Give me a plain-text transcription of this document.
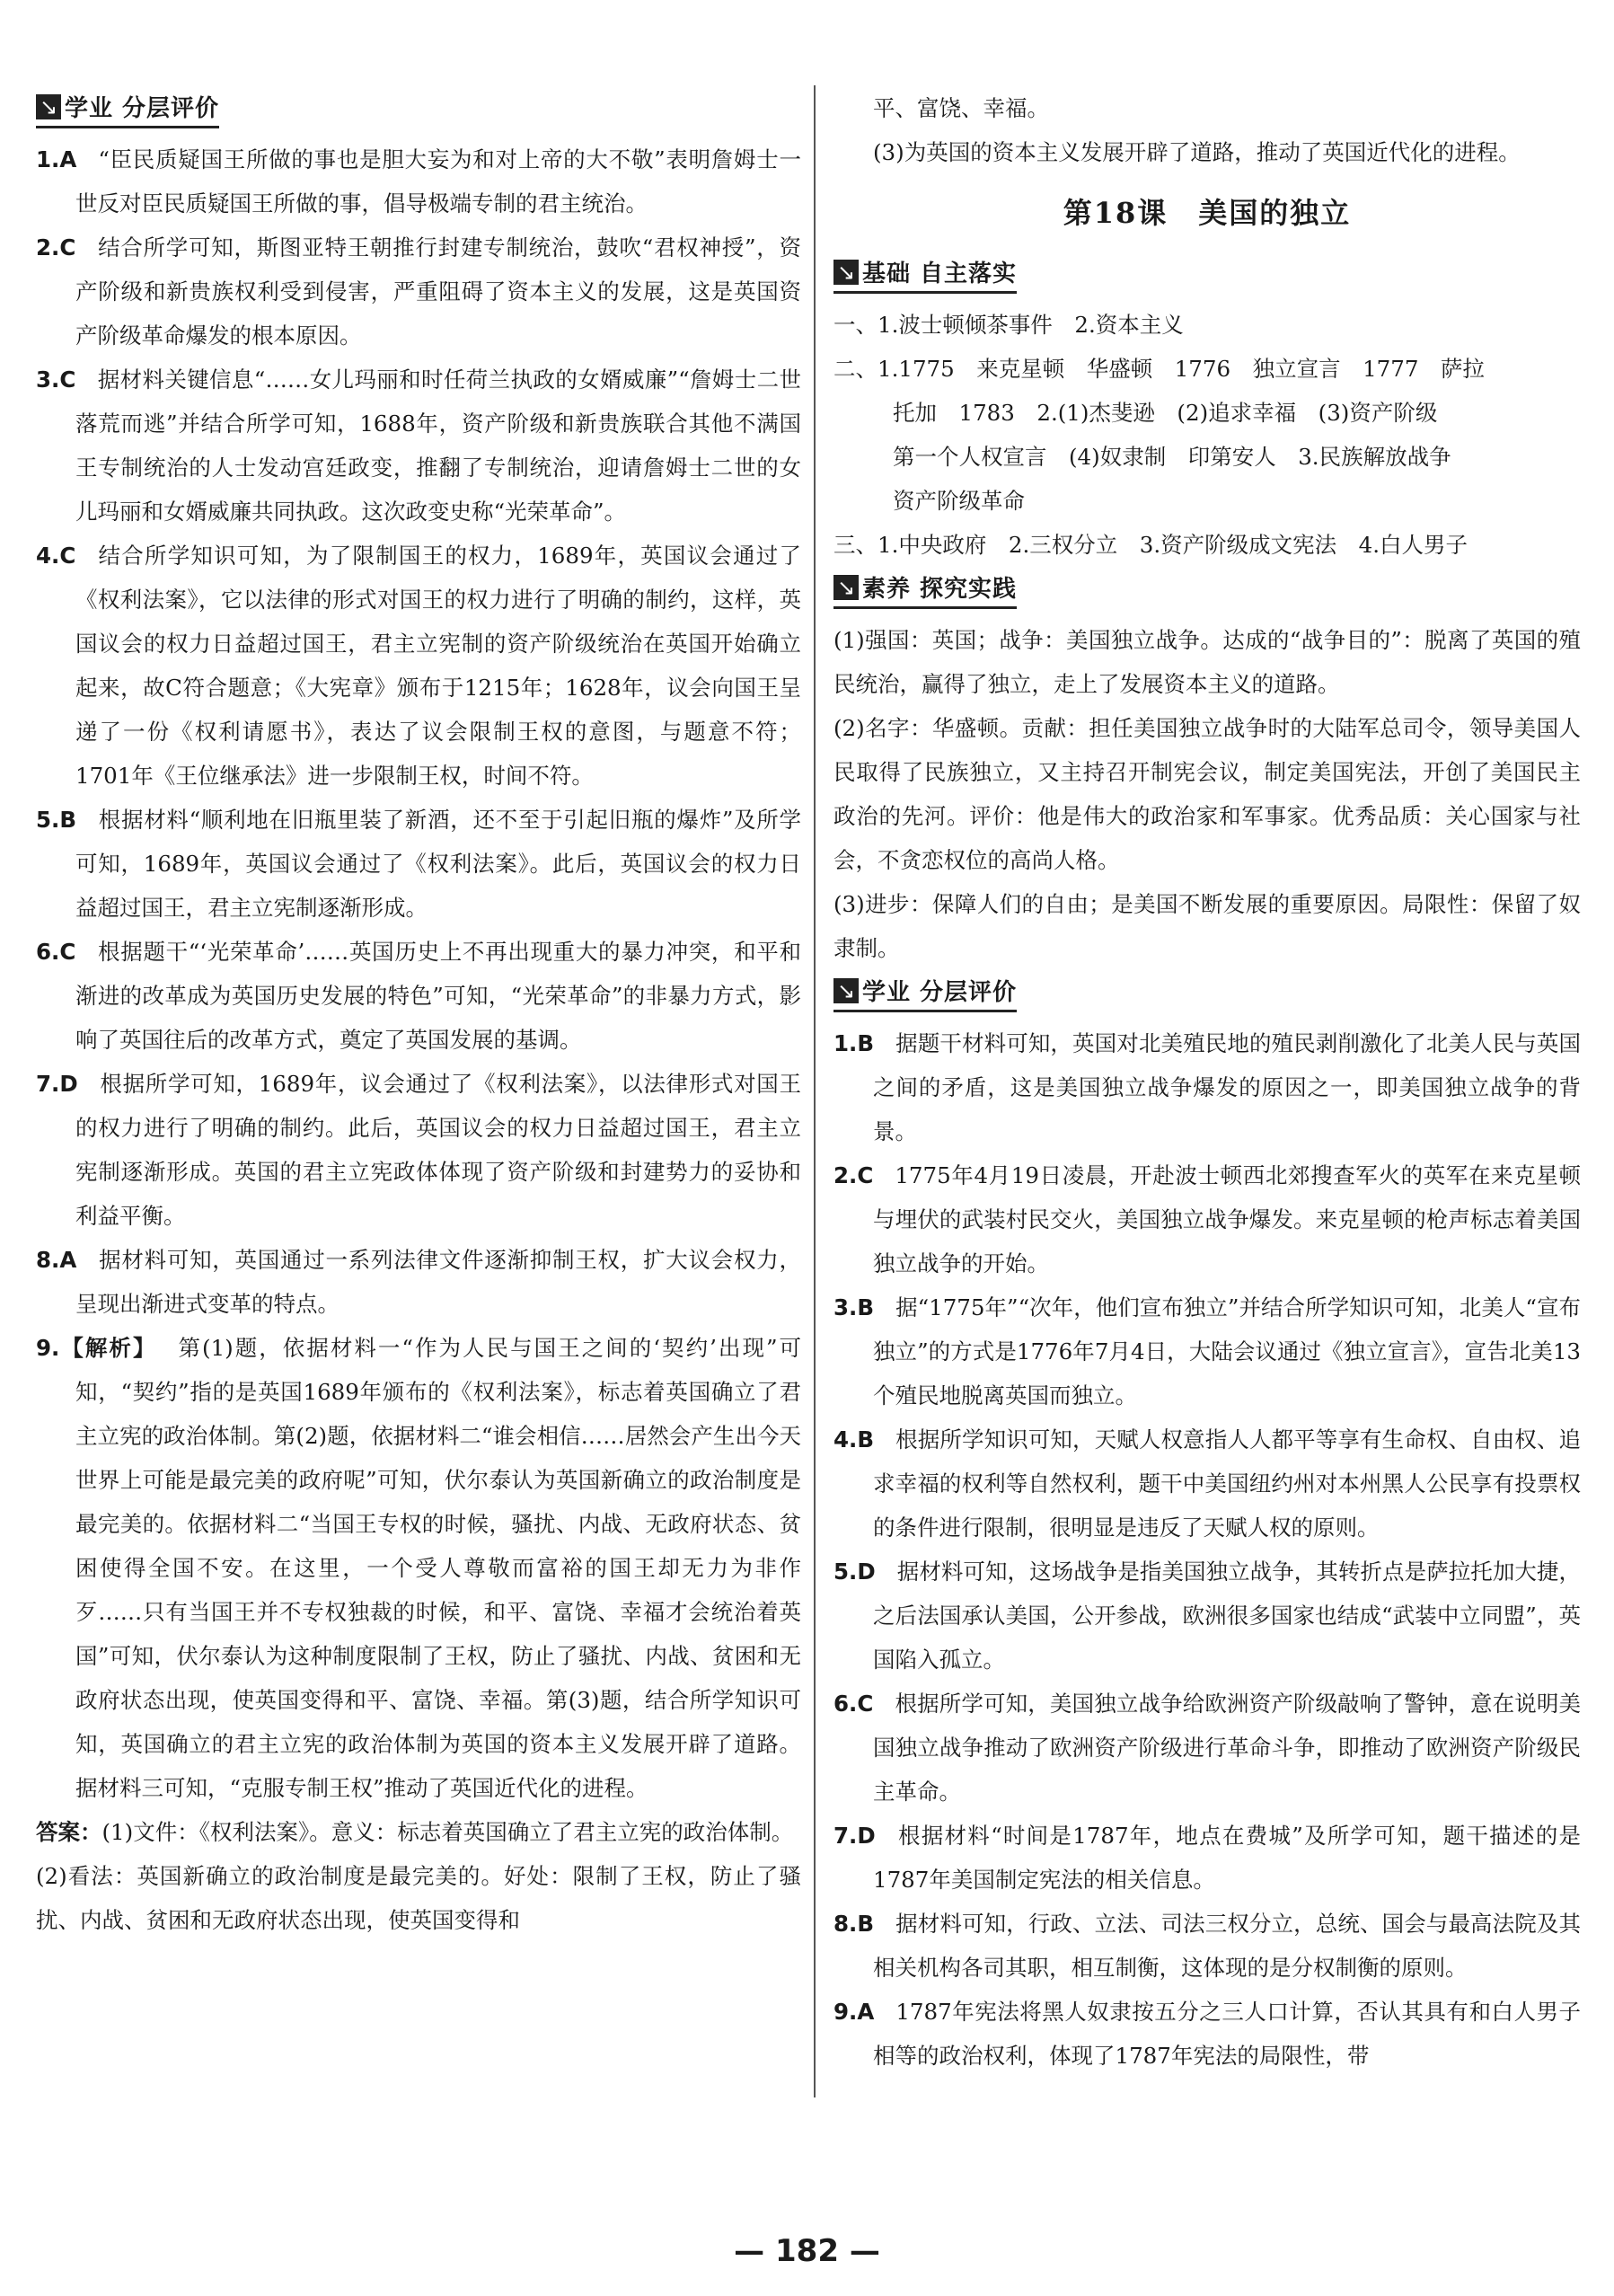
↘ 学业 分层评价

1.A “臣民质疑国王所做的事也是胆大妄为和对上帝的大不敬”表明詹姆士一世反对臣民质疑国王所做的事，倡导极端专制的君主统治。

2.C 结合所学可知，斯图亚特王朝推行封建专制统治，鼓吹“君权神授”，资产阶级和新贵族权利受到侵害，严重阻碍了资本主义的发展，这是英国资产阶级革命爆发的根本原因。

3.C 据材料关键信息“……女儿玛丽和时任荷兰执政的女婿威廉”“詹姆士二世落荒而逃”并结合所学可知，1688年，资产阶级和新贵族联合其他不满国王专制统治的人士发动宫廷政变，推翻了专制统治，迎请詹姆士二世的女儿玛丽和女婿威廉共同执政。这次政变史称“光荣革命”。

4.C 结合所学知识可知，为了限制国王的权力，1689年，英国议会通过了《权利法案》，它以法律的形式对国王的权力进行了明确的制约，这样，英国议会的权力日益超过国王，君主立宪制的资产阶级统治在英国开始确立起来，故C符合题意；《大宪章》颁布于1215年；1628年，议会向国王呈递了一份《权利请愿书》，表达了议会限制王权的意图，与题意不符；1701年《王位继承法》进一步限制王权，时间不符。

5.B 根据材料“顺利地在旧瓶里装了新酒，还不至于引起旧瓶的爆炸”及所学可知，1689年，英国议会通过了《权利法案》。此后，英国议会的权力日益超过国王，君主立宪制逐渐形成。

6.C 根据题干“‘光荣革命’……英国历史上不再出现重大的暴力冲突，和平和渐进的改革成为英国历史发展的特色”可知，“光荣革命”的非暴力方式，影响了英国往后的改革方式，奠定了英国发展的基调。

7.D 根据所学可知，1689年，议会通过了《权利法案》，以法律形式对国王的权力进行了明确的制约。此后，英国议会的权力日益超过国王，君主立宪制逐渐形成。英国的君主立宪政体体现了资产阶级和封建势力的妥协和利益平衡。

8.A 据材料可知，英国通过一系列法律文件逐渐抑制王权，扩大议会权力，呈现出渐进式变革的特点。

9.【解析】 第(1)题，依据材料一“作为人民与国王之间的‘契约’出现”可知，“契约”指的是英国1689年颁布的《权利法案》，标志着英国确立了君主立宪的政治体制。第(2)题，依据材料二“谁会相信……居然会产生出今天世界上可能是最完美的政府呢”可知，伏尔泰认为英国新确立的政治制度是最完美的。依据材料二“当国王专权的时候，骚扰、内战、无政府状态、贫困使得全国不安。在这里，一个受人尊敬而富裕的国王却无力为非作歹……只有当国王并不专权独裁的时候，和平、富饶、幸福才会统治着英国”可知，伏尔泰认为这种制度限制了王权，防止了骚扰、内战、贫困和无政府状态出现，使英国变得和平、富饶、幸福。第(3)题，结合所学知识可知，英国确立的君主立宪的政治体制为英国的资本主义发展开辟了道路。据材料三可知，“克服专制王权”推动了英国近代化的进程。

答案：(1)文件：《权利法案》。意义：标志着英国确立了君主立宪的政治体制。

(2)看法：英国新确立的政治制度是最完美的。好处：限制了王权，防止了骚扰、内战、贫困和无政府状态出现，使英国变得和

平、富饶、幸福。

(3)为英国的资本主义发展开辟了道路，推动了英国近代化的进程。

第18课　美国的独立
↘ 基础 自主落实

一、1.波士顿倾茶事件　2.资本主义

二、1.1775　来克星顿　华盛顿　1776　独立宣言　1777　萨拉

托加　1783　2.(1)杰斐逊　(2)追求幸福　(3)资产阶级

第一个人权宣言　(4)奴隶制　印第安人　3.民族解放战争

资产阶级革命

三、1.中央政府　2.三权分立　3.资产阶级成文宪法　4.白人男子

↘ 素养 探究实践

(1)强国：英国；战争：美国独立战争。达成的“战争目的”：脱离了英国的殖民统治，赢得了独立，走上了发展资本主义的道路。

(2)名字：华盛顿。贡献：担任美国独立战争时的大陆军总司令，领导美国人民取得了民族独立，又主持召开制宪会议，制定美国宪法，开创了美国民主政治的先河。评价：他是伟大的政治家和军事家。优秀品质：关心国家与社会，不贪恋权位的高尚人格。

(3)进步：保障人们的自由；是美国不断发展的重要原因。局限性：保留了奴隶制。

↘ 学业 分层评价

1.B 据题干材料可知，英国对北美殖民地的殖民剥削激化了北美人民与英国之间的矛盾，这是美国独立战争爆发的原因之一，即美国独立战争的背景。

2.C 1775年4月19日凌晨，开赴波士顿西北郊搜查军火的英军在来克星顿与埋伏的武装村民交火，美国独立战争爆发。来克星顿的枪声标志着美国独立战争的开始。

3.B 据“1775年”“次年，他们宣布独立”并结合所学知识可知，北美人“宣布独立”的方式是1776年7月4日，大陆会议通过《独立宣言》，宣告北美13个殖民地脱离英国而独立。

4.B 根据所学知识可知，天赋人权意指人人都平等享有生命权、自由权、追求幸福的权利等自然权利，题干中美国纽约州对本州黑人公民享有投票权的条件进行限制，很明显是违反了天赋人权的原则。

5.D 据材料可知，这场战争是指美国独立战争，其转折点是萨拉托加大捷，之后法国承认美国，公开参战，欧洲很多国家也结成“武装中立同盟”，英国陷入孤立。

6.C 根据所学可知，美国独立战争给欧洲资产阶级敲响了警钟，意在说明美国独立战争推动了欧洲资产阶级进行革命斗争，即推动了欧洲资产阶级民主革命。

7.D 根据材料“时间是1787年，地点在费城”及所学可知，题干描述的是1787年美国制定宪法的相关信息。

8.B 据材料可知，行政、立法、司法三权分立，总统、国会与最高法院及其相关机构各司其职，相互制衡，这体现的是分权制衡的原则。

9.A 1787年宪法将黑人奴隶按五分之三人口计算，否认其具有和白人男子相等的政治权利，体现了1787年宪法的局限性，带

— 182 —
